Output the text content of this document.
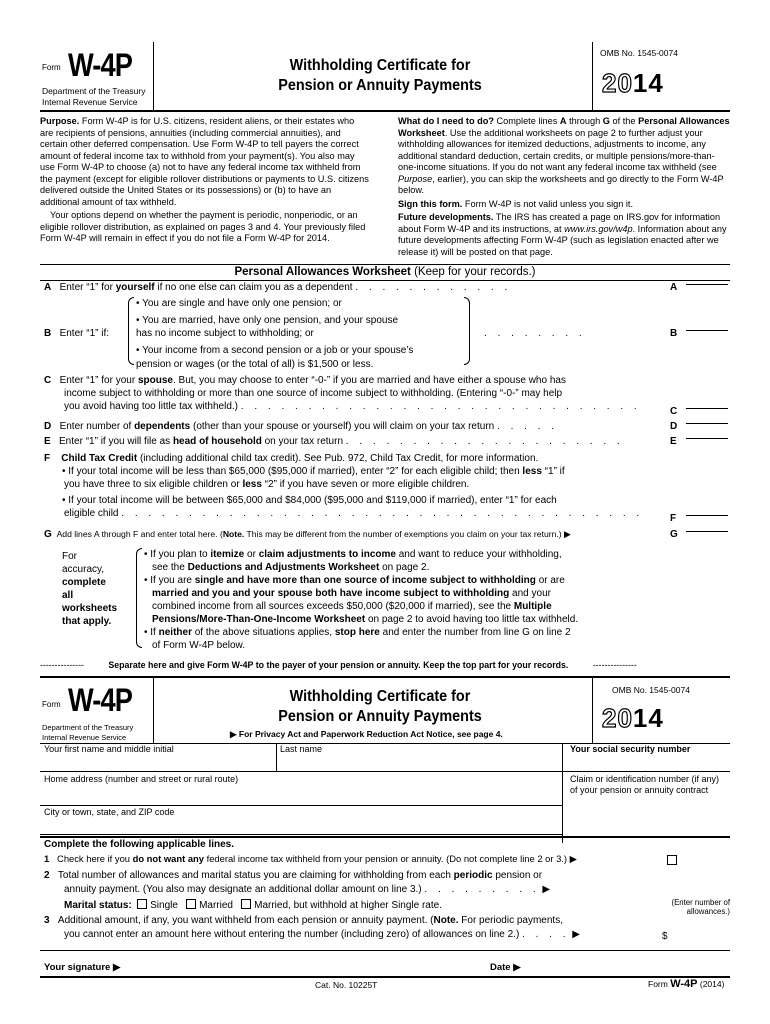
Form W-4P
Department of the Treasury
Internal Revenue Service
Withholding Certificate for
Pension or Annuity Payments
OMB No. 1545-0074
2014

Purpose. Form W-4P is for U.S. citizens, resident aliens, or their estates who are recipients of pensions, annuities (including commercial annuities), and certain other deferred compensation. Use Form W-4P to tell payers the correct amount of federal income tax to withhold from your payment(s). You also may use Form W-4P to choose (a) not to have any federal income tax withheld from the payment (except for eligible rollover distributions or payments to U.S. citizens delivered outside the United States or its possessions) or (b) to have an additional amount of tax withheld.

Your options depend on whether the payment is periodic, nonperiodic, or an eligible rollover distribution, as explained on pages 3 and 4. Your previously filed Form W-4P will remain in effect if you do not file a Form W-4P for 2014.

What do I need to do? Complete lines A through G of the Personal Allowances Worksheet. Use the additional worksheets on page 2 to further adjust your withholding allowances for itemized deductions, adjustments to income, any additional standard deduction, certain credits, or multiple pensions/more-than-one-income situations. If you do not want any federal income tax withheld (see Purpose, earlier), you can skip the worksheets and go directly to the Form W-4P below.

Sign this form. Form W-4P is not valid unless you sign it.

Future developments. The IRS has created a page on IRS.gov for information about Form W-4P and its instructions, at www.irs.gov/w4p. Information about any future developments affecting Form W-4P (such as legislation enacted after we release it) will be posted on that page.

Personal Allowances Worksheet (Keep for your records.)
A Enter “1” for yourself if no one else can claim you as a dependent . . . . . . . . . . . .	A
B Enter “1” if:
• You are single and have only one pension; or
• You are married, have only one pension, and your spouse
has no income subject to withholding; or
• Your income from a second pension or a job or your spouse’s
pension or wages (or the total of all) is $1,500 or less.
. . . . . . . .	B
C Enter “1” for your spouse. But, you may choose to enter “-0-” if you are married and have either a spouse who has
income subject to withholding or more than one source of income subject to withholding. (Entering “-0-” may help
you avoid having too little tax withheld.) . . . . . . . . . . . . . . . . . . . . . . . . . . . . . .	C
D Enter number of dependents (other than your spouse or yourself) you will claim on your tax return . . . . .	D
E Enter “1” if you will file as head of household on your tax return . . . . . . . . . . . . . . . . . . . . .	E
F Child Tax Credit (including additional child tax credit). See Pub. 972, Child Tax Credit, for more information.
• If your total income will be less than $65,000 ($95,000 if married), enter “2” for each eligible child; then less “1” if
you have three to six eligible children or less “2” if you have seven or more eligible children.
• If your total income will be between $65,000 and $84,000 ($95,000 and $119,000 if married), enter “1” for each
eligible child . . . . . . . . . . . . . . . . . . . . . . . . . . . . . . . . . . . . . . .	F
G Add lines A through F and enter total here. (Note. This may be different from the number of exemptions you claim on your tax return.) ▶	G
For
accuracy,
complete
all
worksheets
that apply.
• If you plan to itemize or claim adjustments to income and want to reduce your withholding,
see the Deductions and Adjustments Worksheet on page 2.
• If you are single and have more than one source of income subject to withholding or are
married and you and your spouse both have income subject to withholding and your
combined income from all sources exceeds $50,000 ($20,000 if married), see the Multiple
Pensions/More-Than-One-Income Worksheet on page 2 to avoid having too little tax withheld.
• If neither of the above situations applies, stop here and enter the number from line G on line 2
of Form W-4P below.
---------------	Separate here and give Form W-4P to the payer of your pension or annuity. Keep the top part for your records.	---------------
Form W-4P
Department of the Treasury
Internal Revenue Service
Withholding Certificate for
Pension or Annuity Payments
▶ For Privacy Act and Paperwork Reduction Act Notice, see page 4.
OMB No. 1545-0074
2014
Your first name and middle initial	Last name	Your social security number
Home address (number and street or rural route)	Claim or identification number (if any) of your pension or annuity contract
City or town, state, and ZIP code
Complete the following applicable lines.
1 Check here if you do not want any federal income tax withheld from your pension or annuity. (Do not complete line 2 or 3.) ▶
2 Total number of allowances and marital status you are claiming for withholding from each periodic pension or
annuity payment. (You also may designate an additional dollar amount on line 3.) . . . . . . . . . ▶
Marital status: Single Married Married, but withhold at higher Single rate.	(Enter number of allowances.)
3 Additional amount, if any, you want withheld from each pension or annuity payment. (Note. For periodic payments,
you cannot enter an amount here without entering the number (including zero) of allowances on line 2.) . . . . ▶	$
Your signature ▶	Date ▶
Cat. No. 10225T	Form W-4P (2014)
